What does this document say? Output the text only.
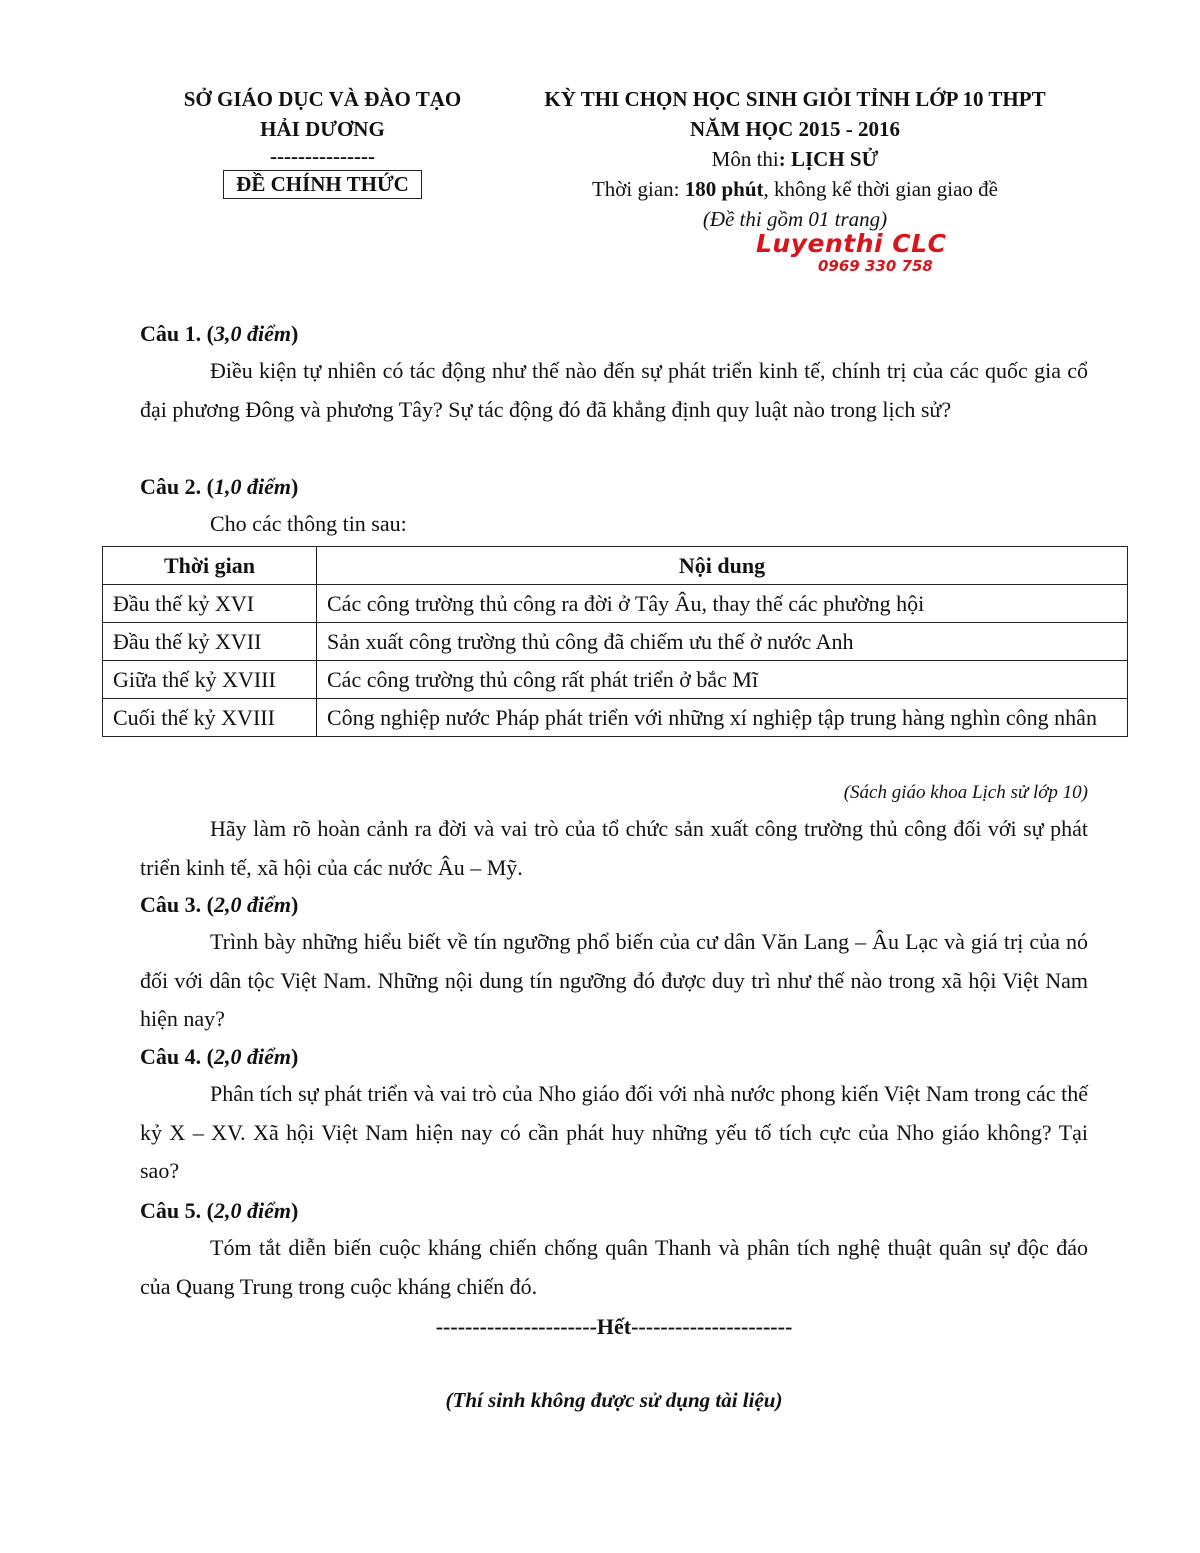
SỞ GIÁO DỤC VÀ ĐÀO TẠO
HẢI DƯƠNG
---------------
ĐỀ CHÍNH THỨC
KỲ THI CHỌN HỌC SINH GIỎI TỈNH LỚP 10 THPT
NĂM HỌC 2015 - 2016
Môn thi: LỊCH SỬ
Thời gian: 180 phút, không kể thời gian giao đề
(Đề thi gồm 01 trang)
Luyenthi CLC
0969 330 758
Câu 1. (3,0 điểm)

Điều kiện tự nhiên có tác động như thế nào đến sự phát triển kinh tế, chính trị của các quốc gia cổ đại phương Đông và phương Tây? Sự tác động đó đã khẳng định quy luật nào trong lịch sử?

Câu 2. (1,0 điểm)

Cho các thông tin sau:

Thời gian	Nội dung
Đầu thế kỷ XVI	Các công trường thủ công ra đời ở Tây Âu, thay thế các phường hội
Đầu thế kỷ XVII	Sản xuất công trường thủ công đã chiếm ưu thế ở nước Anh
Giữa thế kỷ XVIII	Các công trường thủ công rất phát triển ở bắc Mĩ
Cuối thế kỷ XVIII	Công nghiệp nước Pháp phát triển với những xí nghiệp tập trung hàng nghìn công nhân
(Sách giáo khoa Lịch sử lớp 10)

Hãy làm rõ hoàn cảnh ra đời và vai trò của tổ chức sản xuất công trường thủ công đối với sự phát triển kinh tế, xã hội của các nước Âu – Mỹ.

Câu 3. (2,0 điểm)

Trình bày những hiểu biết về tín ngưỡng phổ biến của cư dân Văn Lang – Âu Lạc và giá trị của nó đối với dân tộc Việt Nam. Những nội dung tín ngưỡng đó được duy trì như thế nào trong xã hội Việt Nam hiện nay?

Câu 4. (2,0 điểm)

Phân tích sự phát triển và vai trò của Nho giáo đối với nhà nước phong kiến Việt Nam trong các thế kỷ X – XV. Xã hội Việt Nam hiện nay có cần phát huy những yếu tố tích cực của Nho giáo không? Tại sao?

Câu 5. (2,0 điểm)

Tóm tắt diễn biến cuộc kháng chiến chống quân Thanh và phân tích nghệ thuật quân sự độc đáo của Quang Trung trong cuộc kháng chiến đó.

----------------------Hết----------------------
(Thí sinh không được sử dụng tài liệu)
